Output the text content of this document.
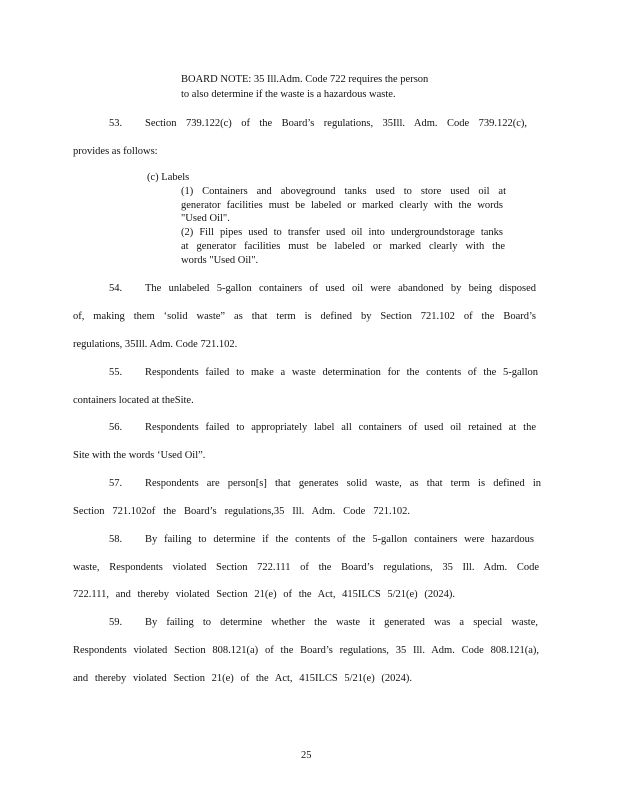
BOARD NOTE: 35 Ill.Adm. Code 722 requires the person
to also determine if the waste is a hazardous waste.
53. Section 739.122(c) of the Board’s regulations, 35Ill. Adm. Code 739.122(c),
provides as follows:
(c) Labels
(1) Containers and aboveground tanks used to store used oil at
generator facilities must be labeled or marked clearly with the words
"Used Oil".
(2) Fill pipes used to transfer used oil into undergroundstorage tanks
at generator facilities must be labeled or marked clearly with the
words "Used Oil".
54. The unlabeled 5-gallon containers of used oil were abandoned by being disposed
of, making them ‘solid waste” as that term is defined by Section 721.102 of the Board’s
regulations, 35Ill. Adm. Code 721.102.
55. Respondents failed to make a waste determination for the contents of the 5-gallon
containers located at theSite.
56. Respondents failed to appropriately label all containers of used oil retained at the
Site with the words ‘Used Oil”.
57. Respondents are person[s] that generates solid waste, as that term is defined in
Section 721.102of the Board’s regulations,35 Ill. Adm. Code 721.102.
58. By failing to determine if the contents of the 5-gallon containers were hazardous
waste, Respondents violated Section 722.111 of the Board’s regulations, 35 Ill. Adm. Code
722.111, and thereby violated Section 21(e) of the Act, 415ILCS 5/21(e) (2024).
59. By failing to determine whether the waste it generated was a special waste,
Respondents violated Section 808.121(a) of the Board’s regulations, 35 Ill. Adm. Code 808.121(a),
and thereby violated Section 21(e) of the Act, 415ILCS 5/21(e) (2024).
25
